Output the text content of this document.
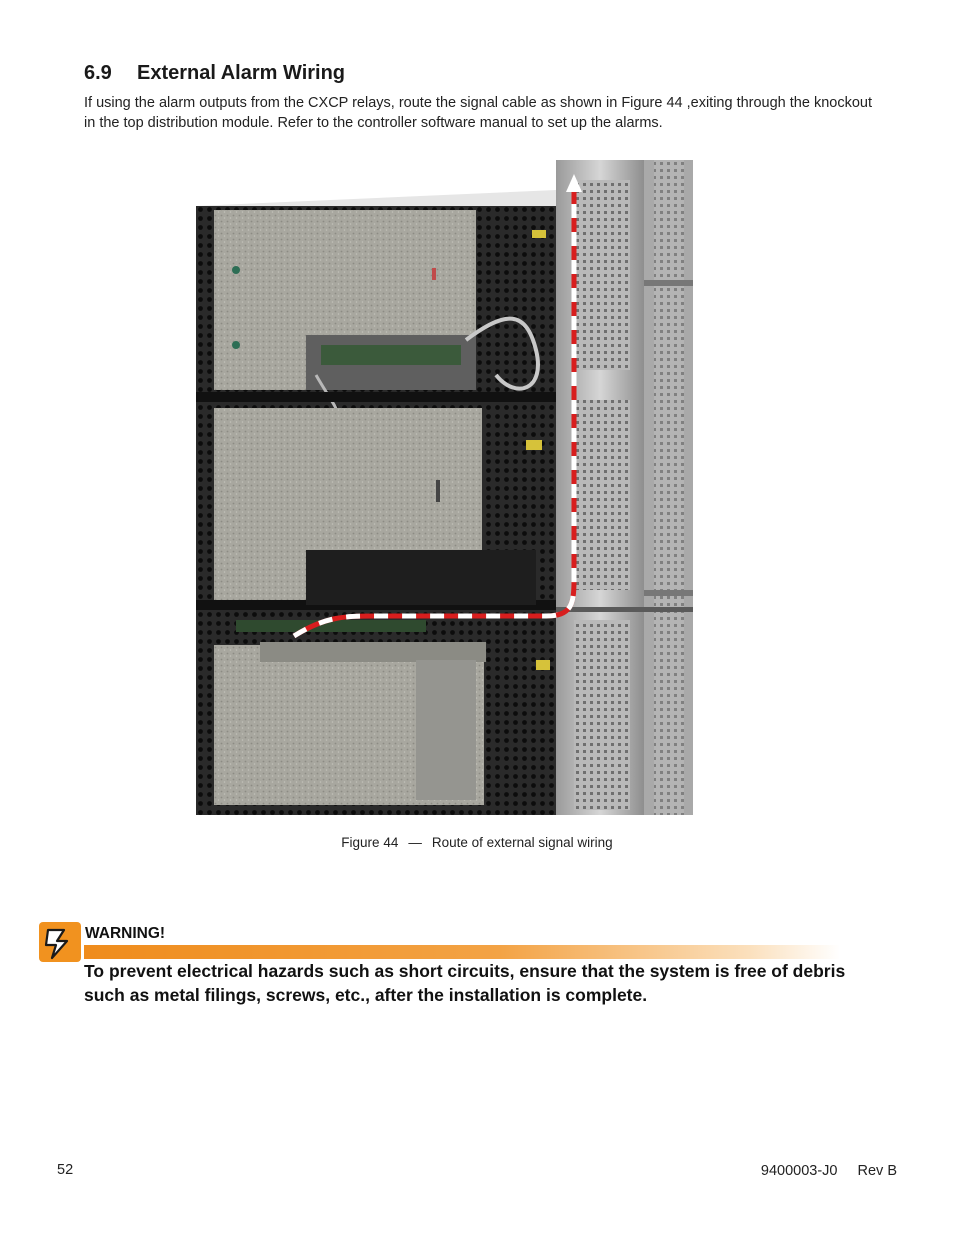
6.9 External Alarm Wiring

If using the alarm outputs from the CXCP relays, route the signal cable as shown in Figure 44 ,exiting through the knockout in the top distribution module. Refer to the controller software manual to set up the alarms.

Figure 44 — Route of external signal wiring
WARNING!

To prevent electrical hazards such as short circuits, ensure that the system is free of debris such as metal filings, screws, etc., after the installation is complete.

52	9400003-J0 Rev B
